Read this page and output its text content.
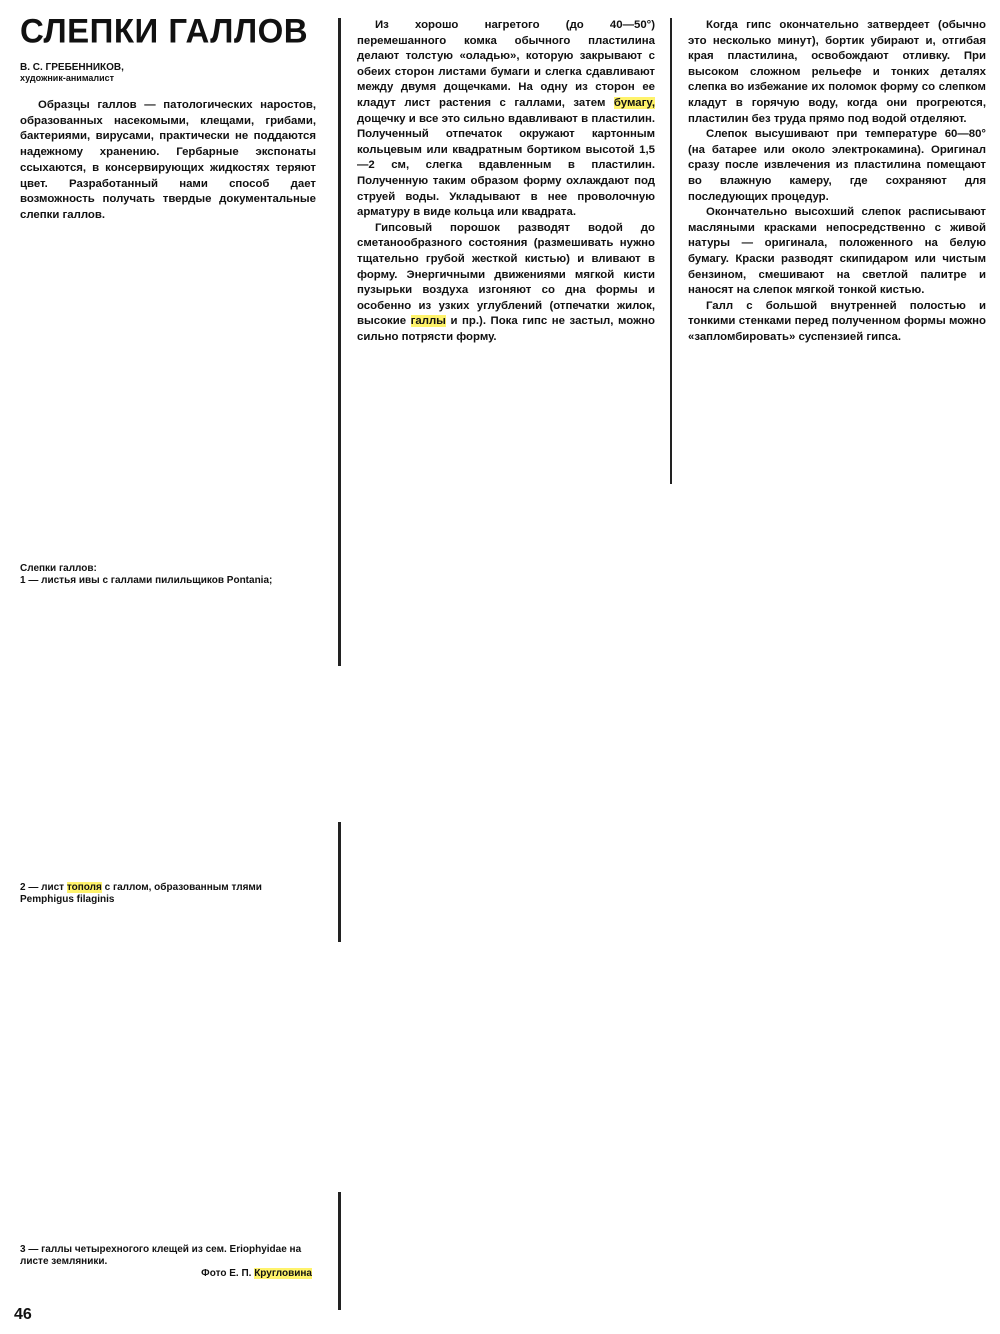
СЛЕПКИ ГАЛЛОВ
В. С. ГРЕБЕННИКОВ,
художник-анималист

Образцы галлов — патологических наростов, образованных насекомыми, клещами, грибами, бактериями, вирусами, практически не поддаются надежному хранению. Гербарные экспонаты ссыхаются, в консервирующих жидкостях теряют цвет. Разработанный нами способ дает возможность получать твердые документальные слепки галлов.

Слепки галлов:
1 — листья ивы с галлами пилильщиков Pontania;
2 — лист тополя с галлом, образованным тлями Pemphigus filaginis
3 — галлы четырехногого клещей из сем. Eriophyidae на листе земляники.
Фото Е. П. Кругловина

Из хорошо нагретого (до 40—50°) перемешанного комка обычного пластилина делают толстую «оладью», которую закрывают с обеих сторон листами бумаги и слегка сдавливают между двумя дощечками. На одну из сторон ее кладут лист растения с галлами, затем бумагу, дощечку и все это сильно вдавливают в пластилин. Полученный отпечаток окружают картонным кольцевым или квадратным бортиком высотой 1,5—2 см, слегка вдавленным в пластилин. Полученную таким образом форму охлаждают под струей воды. Укладывают в нее проволочную арматуру в виде кольца или квадрата.

Гипсовый порошок разводят водой до сметанообразного состояния (размешивать нужно тщательно грубой жесткой кистью) и вливают в форму. Энергичными движениями мягкой кисти пузырьки воздуха изгоняют со дна формы и особенно из узких углублений (отпечатки жилок, высокие галлы и пр.). Пока гипс не застыл, можно сильно потрясти форму.

Когда гипс окончательно затвердеет (обычно это несколько минут), бортик убирают и, отгибая края пластилина, освобождают отливку. При высоком сложном рельефе и тонких деталях слепка во избежание их поломок форму со слепком кладут в горячую воду, когда они прогреются, пластилин без труда прямо под водой отделяют.

Слепок высушивают при температуре 60—80° (на батарее или около электрокамина). Оригинал сразу после извлечения из пластилина помещают во влажную камеру, где сохраняют для последующих процедур.

Окончательно высохший слепок расписывают масляными красками непосредственно с живой натуры — оригинала, положенного на белую бумагу. Краски разводят скипидаром или чистым бензином, смешивают на светлой палитре и наносят на слепок мягкой тонкой кистью.

Галл с большой внутренней полостью и тонкими стенками перед полученном формы можно «запломбировать» суспензией гипса.

46
